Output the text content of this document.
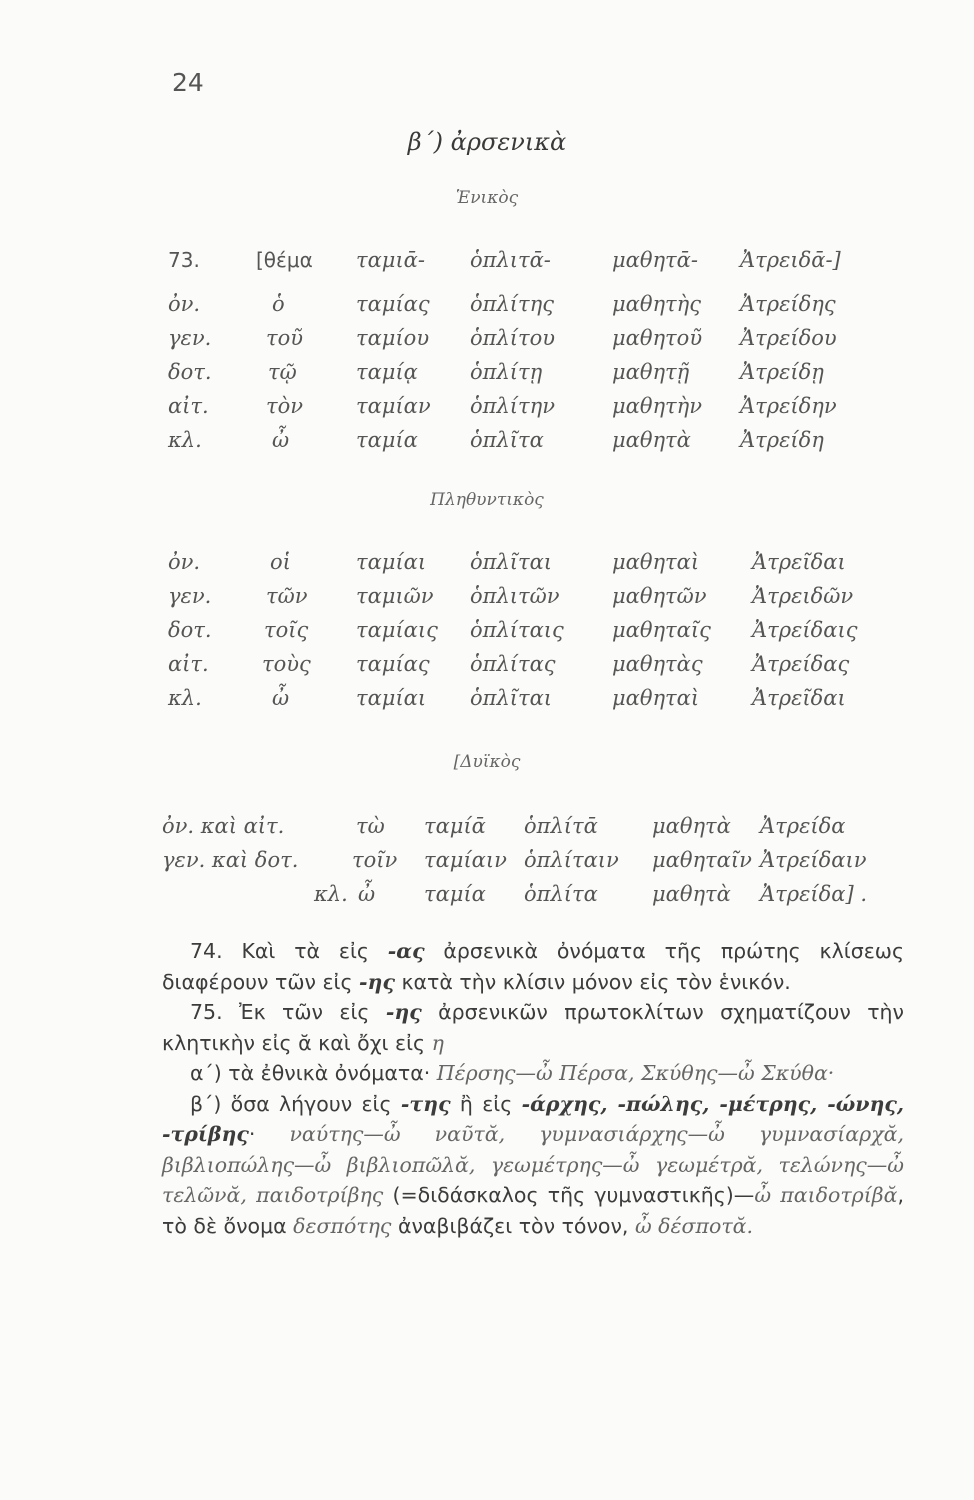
24
β΄) ἀρσενικὰ
Ἑνικὸς
73.	[θέμα ταμιᾱ- ὁπλιτᾱ-	μαθητᾱ- Ἀτρειδᾱ-]
ὀν.	ὁ	ταμίας ὁπλίτης	μαθητὴς Ἀτρείδης
γεν.	τοῦ	ταμίου ὁπλίτου	μαθητοῦ Ἀτρείδου
δοτ.	τῷ	ταμίᾳ ὁπλίτῃ	μαθητῇ Ἀτρείδῃ
αἰτ.	τὸν	ταμίαν ὁπλίτην	μαθητὴν Ἀτρείδην
κλ.	ὦ	ταμία ὁπλῖτα	μαθητὰ Ἀτρείδη
Πληθυντικὸς
ὀν.	οἱ	ταμίαι ὁπλῖται	μαθηταὶ	Ἀτρεῖδαι
γεν.	τῶν ταμιῶν ὁπλιτῶν	μαθητῶν Ἀτρειδῶν
δοτ. τοῖς ταμίαις ὁπλίταις μαθηταῖς Ἀτρείδαις
αἰτ.	τοὺς ταμίας ὁπλίτας	μαθητὰς Ἀτρείδας
κλ.	ὦ	ταμίαι ὁπλῖται	μαθηταὶ	Ἀτρεῖδαι
[Δυϊκὸς
ὀν. καὶ αἰτ.	τὼ ταμίᾱ ὁπλίτᾱ	μαθητὰ Ἀτρείδα
γεν. καὶ δοτ.	τοῖν ταμίαιν ὁπλίταιν μαθηταῖν Ἀτρείδαιν
κλ. ὦ ταμία ὁπλίτα	μαθητὰ Ἀτρείδα] .

74. Καὶ τὰ εἰς -ας ἀρσενικὰ ὀνόματα τῆς πρώτης κλίσεως διαφέρουν τῶν εἰς -ης κατὰ τὴν κλίσιν μόνον εἰς τὸν ἑνικόν.

75. Ἐκ τῶν εἰς -ης ἀρσενικῶν πρωτοκλίτων σχηματίζουν τὴν κλητικὴν εἰς ᾰ καὶ ὄχι εἰς η

α΄) τὰ ἐθνικὰ ὀνόματα· Πέρσης—ὦ Πέρσα, Σκύθης—ὦ Σκύθα·

β΄) ὅσα λήγουν εἰς -της ἢ εἰς -άρχης, -πώλης, -μέτρης, -ώνης, -τρίβης· ναύτης—ὦ ναῦτᾰ, γυμνασιάρχης—ὦ γυμνασίαρχᾰ, βιβλιοπώλης—ὦ βιβλιοπῶλᾰ, γεωμέτρης—ὦ γεωμέτρᾰ, τελώνης—ὦ τελῶνᾰ, παιδοτρίβης (=διδάσκαλος τῆς γυμναστικῆς)—ὦ παιδοτρίβᾰ, τὸ δὲ ὄνομα δεσπότης ἀναβιβάζει τὸν τόνον, ὦ δέσποτᾰ.
